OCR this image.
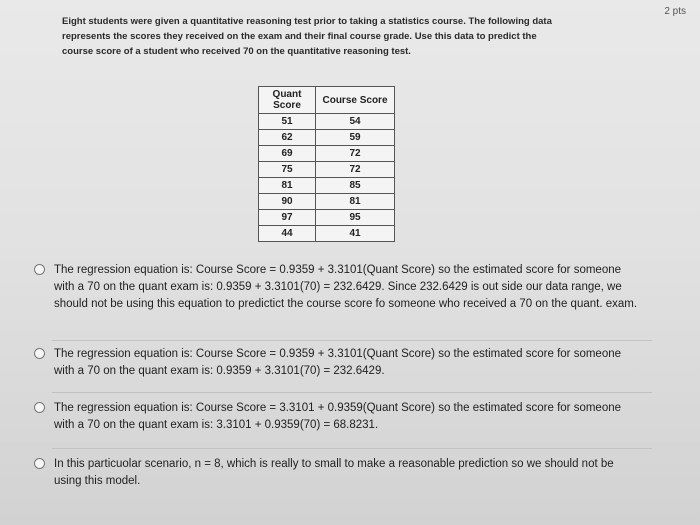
2 pts
Eight students were given a quantitative reasoning test prior to taking a statistics course. The following data represents the scores they received on the exam and their final course grade. Use this data to predict the course score of a student who received 70 on the quantitative reasoning test.
Quant Score	Course Score
51	54
62	59
69	72
75	72
81	85
90	81
97	95
44	41
The regression equation is: Course Score = 0.9359 + 3.3101(Quant Score) so the estimated score for someone with a 70 on the quant exam is: 0.9359 + 3.3101(70) = 232.6429. Since 232.6429 is out side our data range, we should not be using this equation to predictict the course score fo someone who received a 70 on the quant. exam.
The regression equation is: Course Score = 0.9359 + 3.3101(Quant Score) so the estimated score for someone with a 70 on the quant exam is: 0.9359 + 3.3101(70) = 232.6429.
The regression equation is: Course Score = 3.3101 + 0.9359(Quant Score) so the estimated score for someone with a 70 on the quant exam is: 3.3101 + 0.9359(70) = 68.8231.
In this particuolar scenario, n = 8, which is really to small to make a reasonable prediction so we should not be using this model.
